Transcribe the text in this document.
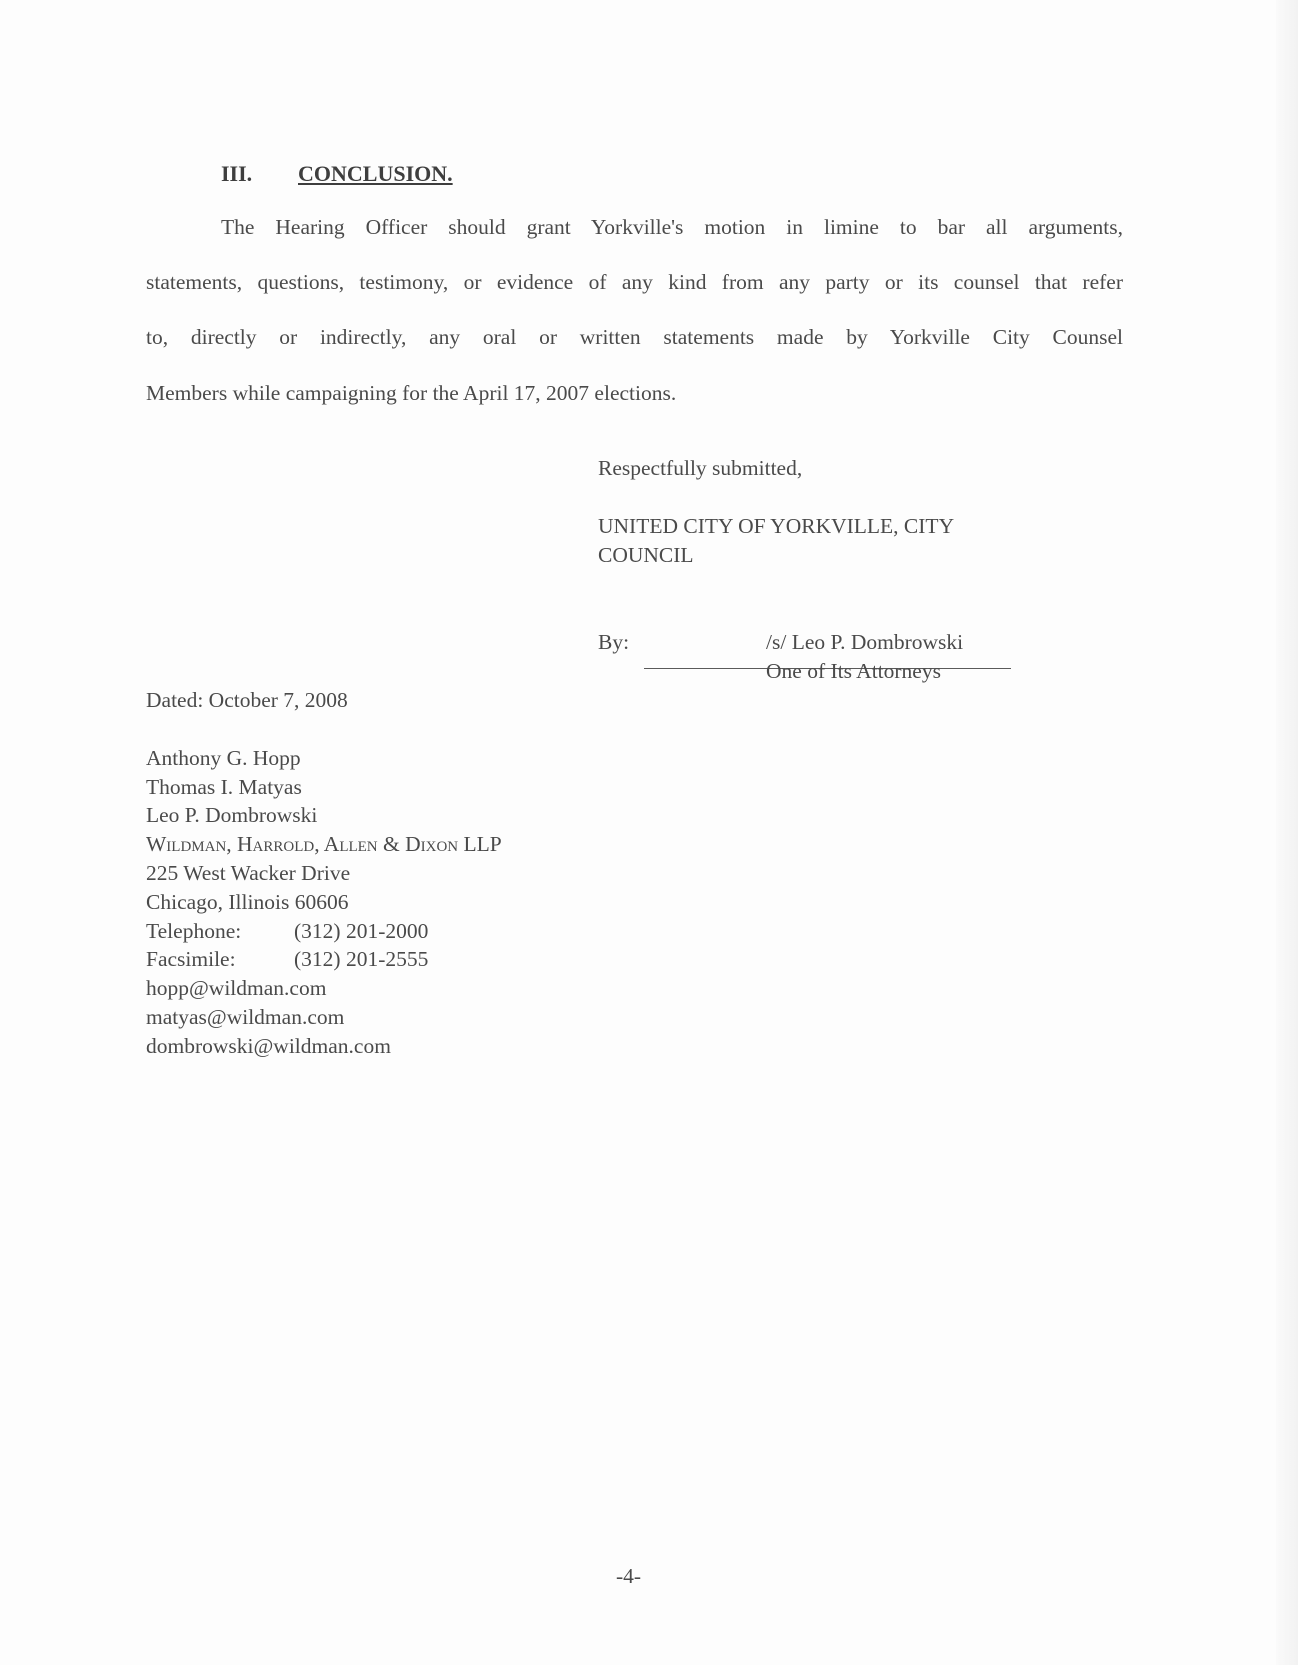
III. CONCLUSION.
The Hearing Officer should grant Yorkville's motion in limine to bar all arguments,
statements, questions, testimony, or evidence of any kind from any party or its counsel that refer
to, directly or indirectly, any oral or written statements made by Yorkville City Counsel
Members while campaigning for the April 17, 2007 elections.
Respectfully submitted,
UNITED CITY OF YORKVILLE, CITY
COUNCIL
By:	/s/ Leo P. Dombrowski
One of Its Attorneys
Dated: October 7, 2008
Anthony G. Hopp
Thomas I. Matyas
Leo P. Dombrowski
Wildman, Harrold, Allen & Dixon LLP
225 West Wacker Drive
Chicago, Illinois 60606
Telephone: (312) 201-2000
Facsimile:	(312) 201-2555
hopp@wildman.com
matyas@wildman.com
dombrowski@wildman.com
-4-
